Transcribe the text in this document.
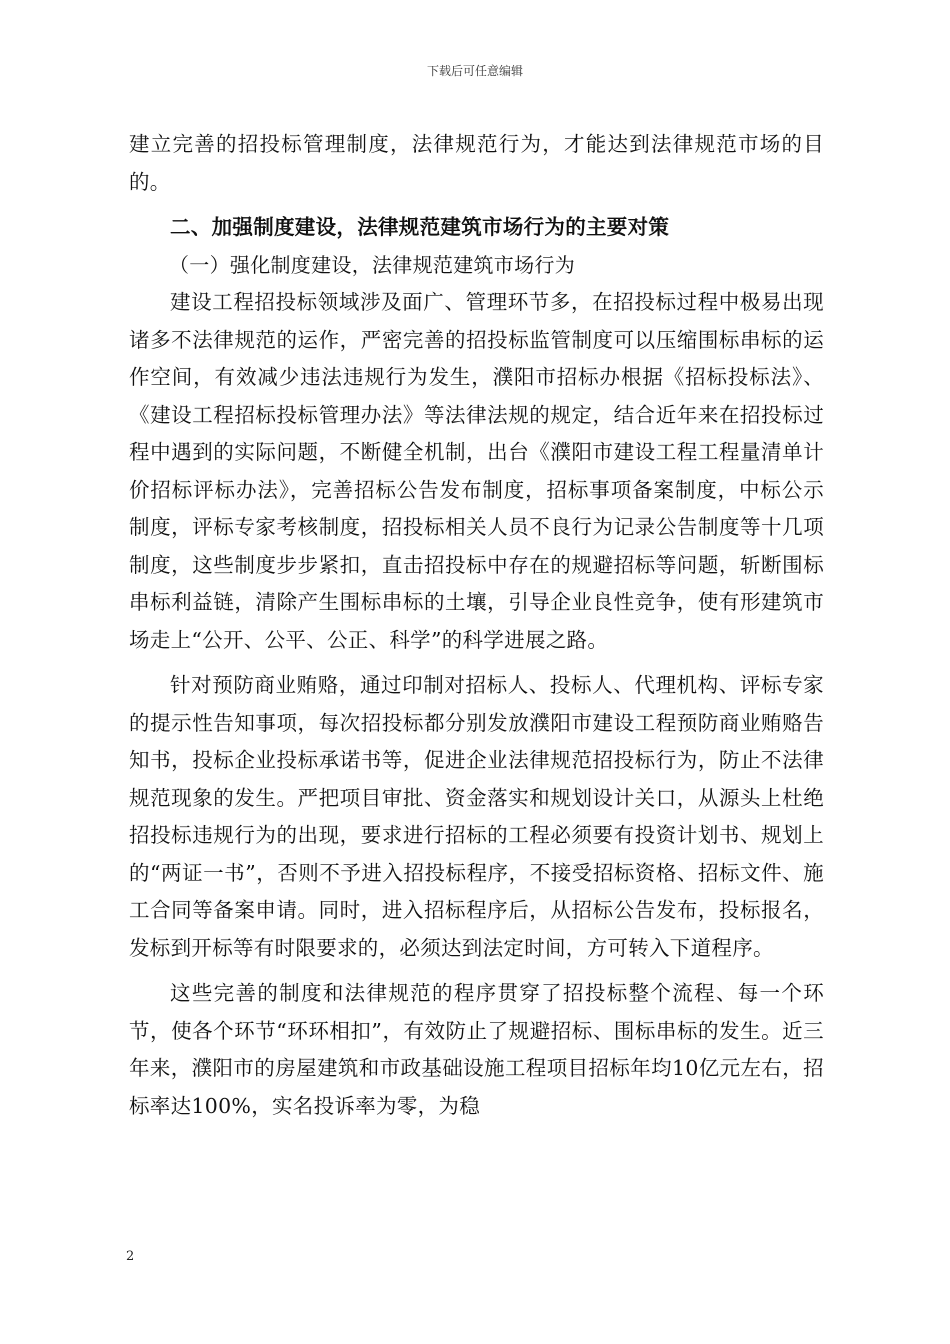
下载后可任意编辑

建立完善的招投标管理制度，法律规范行为，才能达到法律规范市场的目的。

二、加强制度建设，法律规范建筑市场行为的主要对策

（一）强化制度建设，法律规范建筑市场行为

建设工程招投标领域涉及面广、管理环节多，在招投标过程中极易出现诸多不法律规范的运作，严密完善的招投标监管制度可以压缩围标串标的运作空间，有效减少违法违规行为发生，濮阳市招标办根据《招标投标法》、《建设工程招标投标管理办法》等法律法规的规定，结合近年来在招投标过程中遇到的实际问题，不断健全机制，出台《濮阳市建设工程工程量清单计价招标评标办法》，完善招标公告发布制度，招标事项备案制度，中标公示制度，评标专家考核制度，招投标相关人员不良行为记录公告制度等十几项制度，这些制度步步紧扣，直击招投标中存在的规避招标等问题，斩断围标串标利益链，清除产生围标串标的土壤，引导企业良性竞争，使有形建筑市场走上“公开、公平、公正、科学”的科学进展之路。

针对预防商业贿赂，通过印制对招标人、投标人、代理机构、评标专家的提示性告知事项，每次招投标都分别发放濮阳市建设工程预防商业贿赂告知书，投标企业投标承诺书等，促进企业法律规范招投标行为，防止不法律规范现象的发生。严把项目审批、资金落实和规划设计关口，从源头上杜绝招投标违规行为的出现，要求进行招标的工程必须要有投资计划书、规划上的“两证一书”，否则不予进入招投标程序，不接受招标资格、招标文件、施工合同等备案申请。同时，进入招标程序后，从招标公告发布，投标报名，发标到开标等有时限要求的，必须达到法定时间，方可转入下道程序。

这些完善的制度和法律规范的程序贯穿了招投标整个流程、每一个环节，使各个环节“环环相扣”，有效防止了规避招标、围标串标的发生。近三年来，濮阳市的房屋建筑和市政基础设施工程项目招标年均10亿元左右，招标率达100%，实名投诉率为零，为稳

2
